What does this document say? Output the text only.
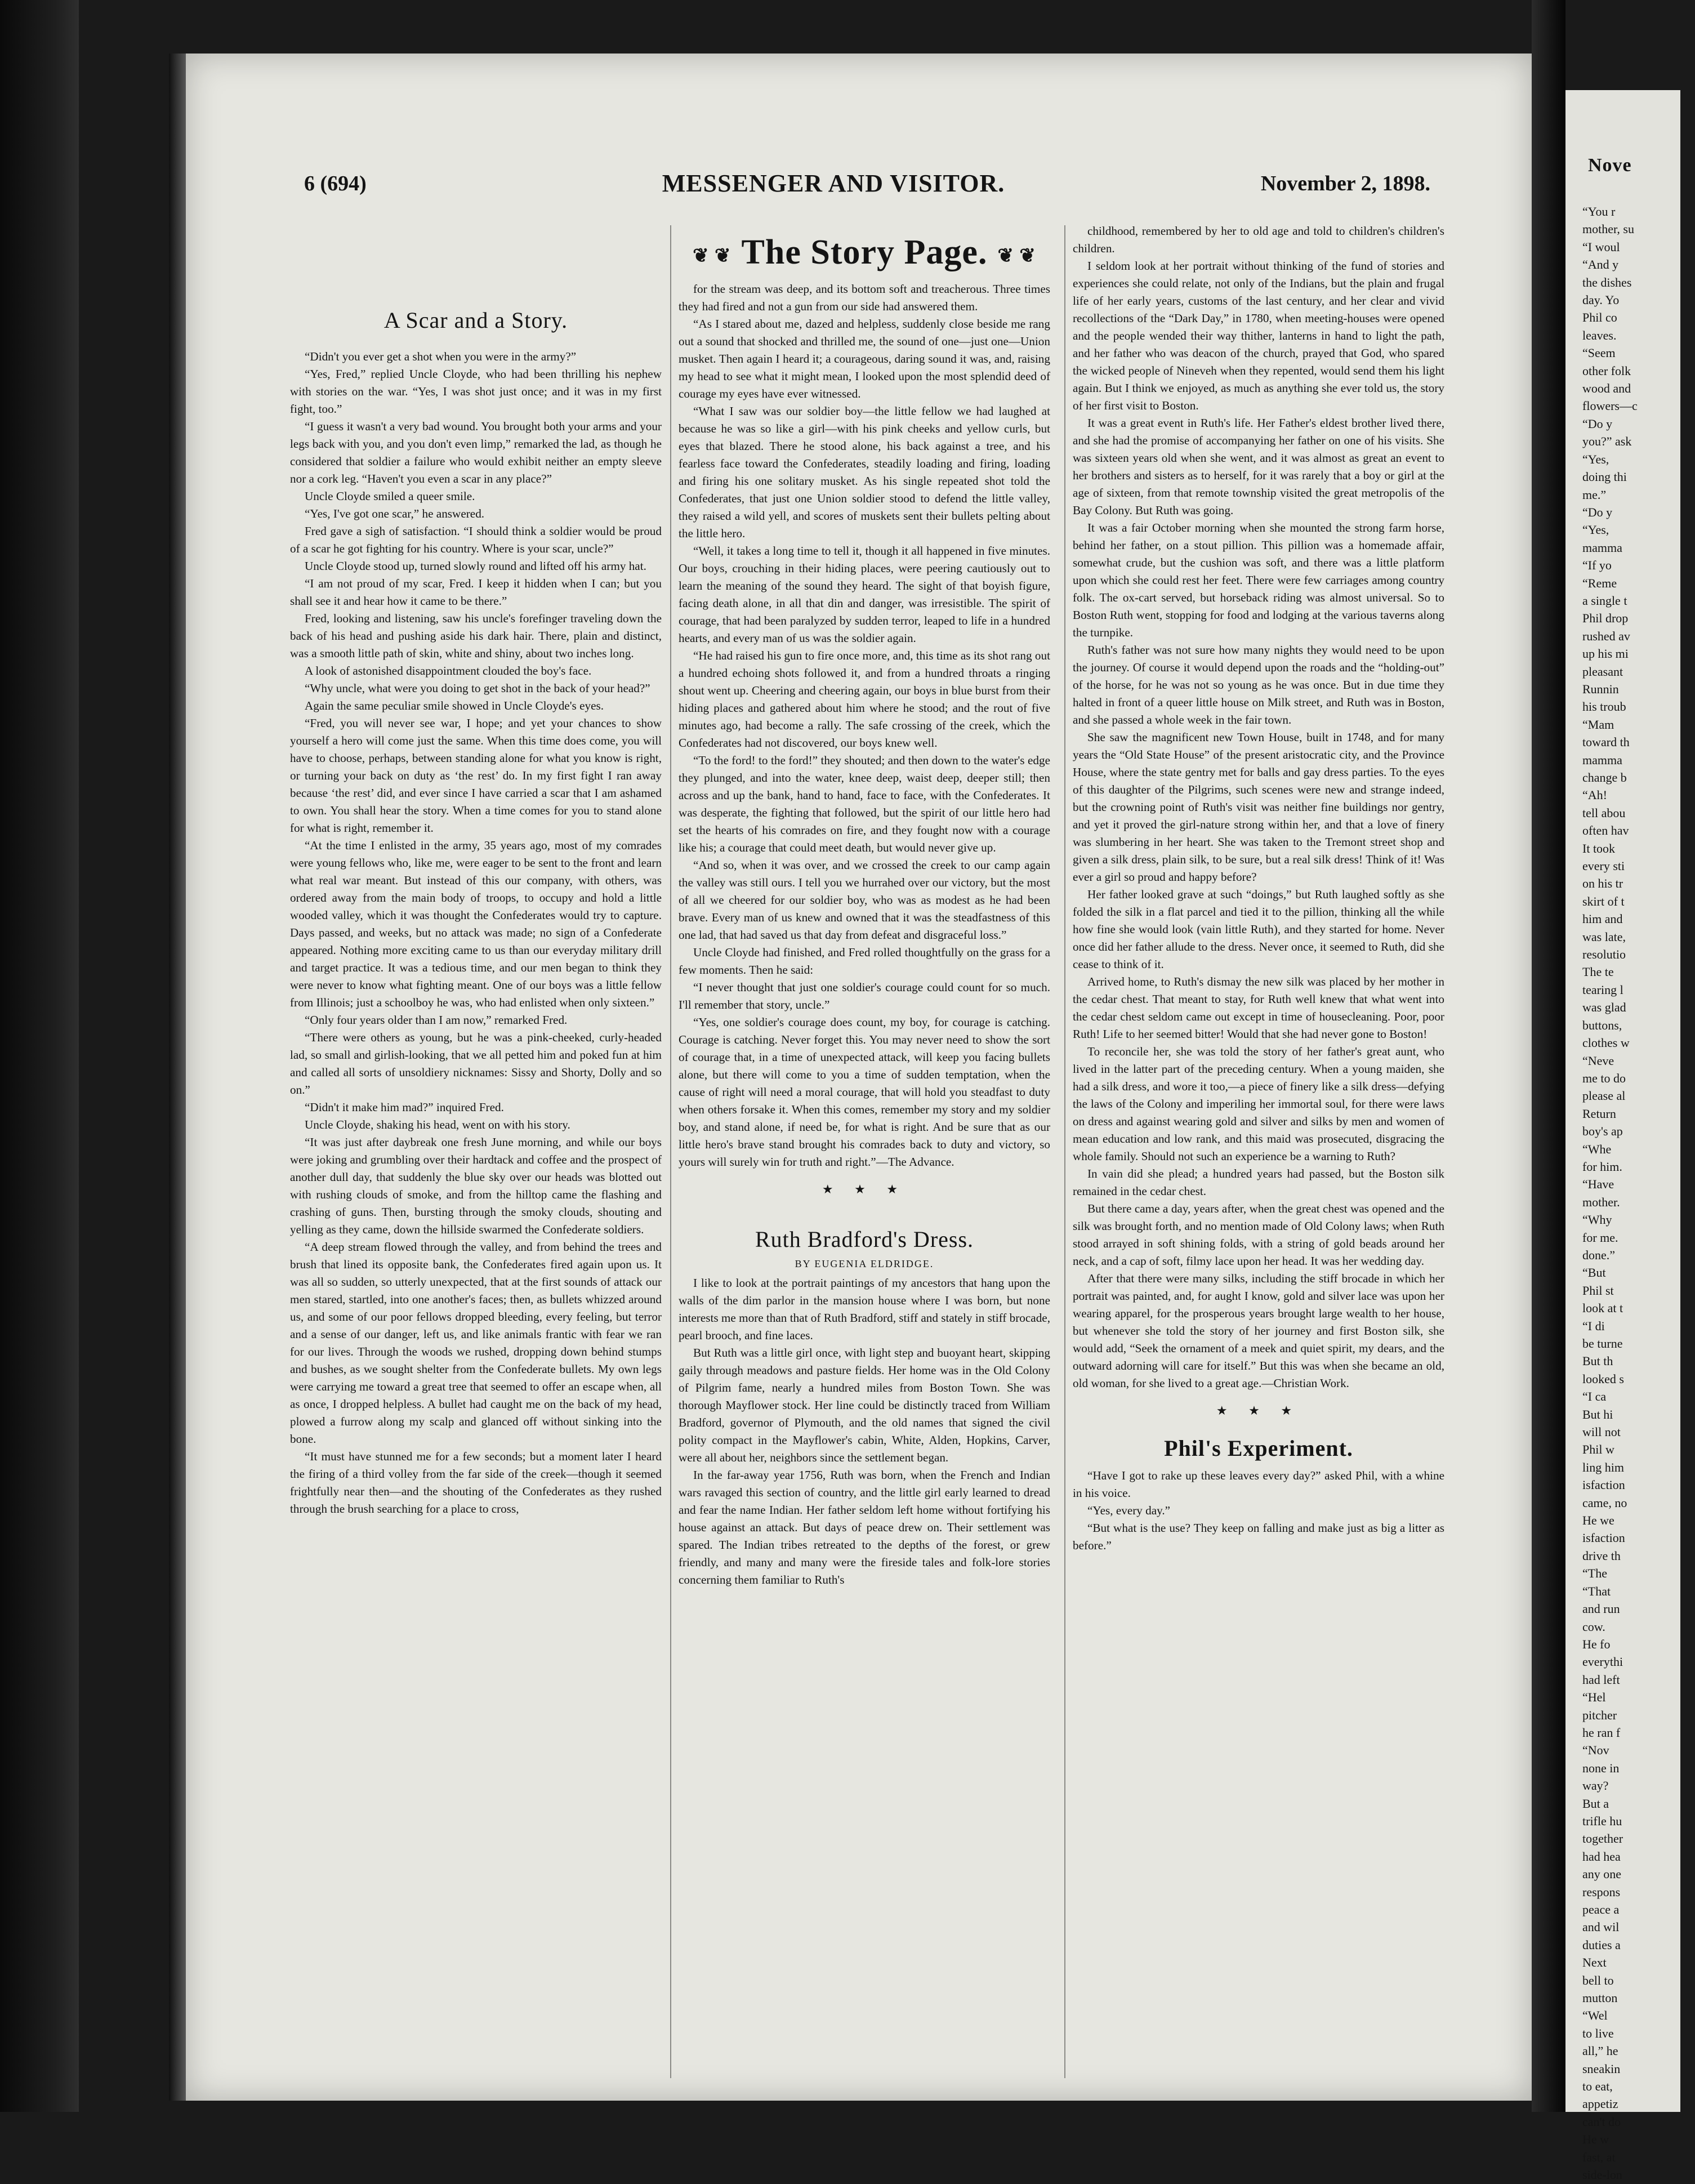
Nove
“You r
mother, su
“I woul
“And y
the dishes
day. Yo
Phil co
leaves.
“Seem
other folk
wood and
flowers—c
“Do y
you?” ask
“Yes,
doing thi
me.”
“Do y
“Yes,
mamma
“If yo
“Reme
a single t
Phil drop
rushed av
up his mi
pleasant
Runnin
his troub
“Mam
toward th
mamma
change b
“Ah!
tell abou
often hav
It took
every sti
on his tr
skirt of t
him and
was late,
resolutio
The te
tearing l
was glad
buttons,
clothes w
“Neve
me to do
please al
Return
boy's ap
“Whe
for him.
“Have
mother.
“Why
for me.
done.”
“But
Phil st
look at t
“I di
be turne
But th
looked s
“I ca
But hi
will not
Phil w
ling him
isfaction
came, no
He we
isfaction
drive th
“The
“That
and run
cow.
He fo
everythi
had left
“Hel
pitcher
he ran f
“Nov
none in
way?
But a
trifle hu
together
had hea
any one
respons
peace a
and wil
duties a
Next
bell to
mutton
“Wel
to live
all,” he
sneakin
to eat,
appetiz
can't do
He w
fast, at
side-lon
6 (694)	MESSENGER AND VISITOR.	November 2, 1898.
A Scar and a Story.

“Didn't you ever get a shot when you were in the army?”

“Yes, Fred,” replied Uncle Cloyde, who had been thrilling his nephew with stories on the war. “Yes, I was shot just once; and it was in my first fight, too.”

“I guess it wasn't a very bad wound. You brought both your arms and your legs back with you, and you don't even limp,” remarked the lad, as though he considered that soldier a failure who would exhibit neither an empty sleeve nor a cork leg. “Haven't you even a scar in any place?”

Uncle Cloyde smiled a queer smile.

“Yes, I've got one scar,” he answered.

Fred gave a sigh of satisfaction. “I should think a soldier would be proud of a scar he got fighting for his country. Where is your scar, uncle?”

Uncle Cloyde stood up, turned slowly round and lifted off his army hat.

“I am not proud of my scar, Fred. I keep it hidden when I can; but you shall see it and hear how it came to be there.”

Fred, looking and listening, saw his uncle's forefinger traveling down the back of his head and pushing aside his dark hair. There, plain and distinct, was a smooth little path of skin, white and shiny, about two inches long.

A look of astonished disappointment clouded the boy's face.

“Why uncle, what were you doing to get shot in the back of your head?”

Again the same peculiar smile showed in Uncle Cloyde's eyes.

“Fred, you will never see war, I hope; and yet your chances to show yourself a hero will come just the same. When this time does come, you will have to choose, perhaps, between standing alone for what you know is right, or turning your back on duty as ‘the rest’ do. In my first fight I ran away because ‘the rest’ did, and ever since I have carried a scar that I am ashamed to own. You shall hear the story. When a time comes for you to stand alone for what is right, remember it.

“At the time I enlisted in the army, 35 years ago, most of my comrades were young fellows who, like me, were eager to be sent to the front and learn what real war meant. But instead of this our company, with others, was ordered away from the main body of troops, to occupy and hold a little wooded valley, which it was thought the Confederates would try to capture. Days passed, and weeks, but no attack was made; no sign of a Confederate appeared. Nothing more exciting came to us than our everyday military drill and target practice. It was a tedious time, and our men began to think they were never to know what fighting meant. One of our boys was a little fellow from Illinois; just a schoolboy he was, who had enlisted when only sixteen.”

“Only four years older than I am now,” remarked Fred.

“There were others as young, but he was a pink-cheeked, curly-headed lad, so small and girlish-looking, that we all petted him and poked fun at him and called all sorts of unsoldiery nicknames: Sissy and Shorty, Dolly and so on.”

“Didn't it make him mad?” inquired Fred.

Uncle Cloyde, shaking his head, went on with his story.

“It was just after daybreak one fresh June morning, and while our boys were joking and grumbling over their hardtack and coffee and the prospect of another dull day, that suddenly the blue sky over our heads was blotted out with rushing clouds of smoke, and from the hilltop came the flashing and crashing of guns. Then, bursting through the smoky clouds, shouting and yelling as they came, down the hillside swarmed the Confederate soldiers.

“A deep stream flowed through the valley, and from behind the trees and brush that lined its opposite bank, the Confederates fired again upon us. It was all so sudden, so utterly unexpected, that at the first sounds of attack our men stared, startled, into one another's faces; then, as bullets whizzed around us, and some of our poor fellows dropped bleeding, every feeling, but terror and a sense of our danger, left us, and like animals frantic with fear we ran for our lives. Through the woods we rushed, dropping down behind stumps and bushes, as we sought shelter from the Confederate bullets. My own legs were carrying me toward a great tree that seemed to offer an escape when, all as once, I dropped helpless. A bullet had caught me on the back of my head, plowed a furrow along my scalp and glanced off without sinking into the bone.

“It must have stunned me for a few seconds; but a moment later I heard the firing of a third volley from the far side of the creek—though it seemed frightfully near then—and the shouting of the Confederates as they rushed through the brush searching for a place to cross,

❦ ❦ The Story Page. ❦ ❦

for the stream was deep, and its bottom soft and treacherous. Three times they had fired and not a gun from our side had answered them.

“As I stared about me, dazed and helpless, suddenly close beside me rang out a sound that shocked and thrilled me, the sound of one—just one—Union musket. Then again I heard it; a courageous, daring sound it was, and, raising my head to see what it might mean, I looked upon the most splendid deed of courage my eyes have ever witnessed.

“What I saw was our soldier boy—the little fellow we had laughed at because he was so like a girl—with his pink cheeks and yellow curls, but eyes that blazed. There he stood alone, his back against a tree, and his fearless face toward the Confederates, steadily loading and firing, loading and firing his one solitary musket. As his single repeated shot told the Confederates, that just one Union soldier stood to defend the little valley, they raised a wild yell, and scores of muskets sent their bullets pelting about the little hero.

“Well, it takes a long time to tell it, though it all happened in five minutes. Our boys, crouching in their hiding places, were peering cautiously out to learn the meaning of the sound they heard. The sight of that boyish figure, facing death alone, in all that din and danger, was irresistible. The spirit of courage, that had been paralyzed by sudden terror, leaped to life in a hundred hearts, and every man of us was the soldier again.

“He had raised his gun to fire once more, and, this time as its shot rang out a hundred echoing shots followed it, and from a hundred throats a ringing shout went up. Cheering and cheering again, our boys in blue burst from their hiding places and gathered about him where he stood; and the rout of five minutes ago, had become a rally. The safe crossing of the creek, which the Confederates had not discovered, our boys knew well.

“To the ford! to the ford!” they shouted; and then down to the water's edge they plunged, and into the water, knee deep, waist deep, deeper still; then across and up the bank, hand to hand, face to face, with the Confederates. It was desperate, the fighting that followed, but the spirit of our little hero had set the hearts of his comrades on fire, and they fought now with a courage like his; a courage that could meet death, but would never give up.

“And so, when it was over, and we crossed the creek to our camp again the valley was still ours. I tell you we hurrahed over our victory, but the most of all we cheered for our soldier boy, who was as modest as he had been brave. Every man of us knew and owned that it was the steadfastness of this one lad, that had saved us that day from defeat and disgraceful loss.”

Uncle Cloyde had finished, and Fred rolled thoughtfully on the grass for a few moments. Then he said:

“I never thought that just one soldier's courage could count for so much. I'll remember that story, uncle.”

“Yes, one soldier's courage does count, my boy, for courage is catching. Courage is catching. Never forget this. You may never need to show the sort of courage that, in a time of unexpected attack, will keep you facing bullets alone, but there will come to you a time of sudden temptation, when the cause of right will need a moral courage, that will hold you steadfast to duty when others forsake it. When this comes, remember my story and my soldier boy, and stand alone, if need be, for what is right. And be sure that as our little hero's brave stand brought his comrades back to duty and victory, so yours will surely win for truth and right.”—The Advance.

★ ★ ★
Ruth Bradford's Dress.
BY EUGENIA ELDRIDGE.

I like to look at the portrait paintings of my ancestors that hang upon the walls of the dim parlor in the mansion house where I was born, but none interests me more than that of Ruth Bradford, stiff and stately in stiff brocade, pearl brooch, and fine laces.

But Ruth was a little girl once, with light step and buoyant heart, skipping gaily through meadows and pasture fields. Her home was in the Old Colony of Pilgrim fame, nearly a hundred miles from Boston Town. She was thorough Mayflower stock. Her line could be distinctly traced from William Bradford, governor of Plymouth, and the old names that signed the civil polity compact in the Mayflower's cabin, White, Alden, Hopkins, Carver, were all about her, neighbors since the settlement began.

In the far-away year 1756, Ruth was born, when the French and Indian wars ravaged this section of country, and the little girl early learned to dread and fear the name Indian. Her father seldom left home without fortifying his house against an attack. But days of peace drew on. Their settlement was spared. The Indian tribes retreated to the depths of the forest, or grew friendly, and many and many were the fireside tales and folk-lore stories concerning them familiar to Ruth's

childhood, remembered by her to old age and told to children's children's children.

I seldom look at her portrait without thinking of the fund of stories and experiences she could relate, not only of the Indians, but the plain and frugal life of her early years, customs of the last century, and her clear and vivid recollections of the “Dark Day,” in 1780, when meeting-houses were opened and the people wended their way thither, lanterns in hand to light the path, and her father who was deacon of the church, prayed that God, who spared the wicked people of Nineveh when they repented, would send them his light again. But I think we enjoyed, as much as anything she ever told us, the story of her first visit to Boston.

It was a great event in Ruth's life. Her Father's eldest brother lived there, and she had the promise of accompanying her father on one of his visits. She was sixteen years old when she went, and it was almost as great an event to her brothers and sisters as to herself, for it was rarely that a boy or girl at the age of sixteen, from that remote township visited the great metropolis of the Bay Colony. But Ruth was going.

It was a fair October morning when she mounted the strong farm horse, behind her father, on a stout pillion. This pillion was a homemade affair, somewhat crude, but the cushion was soft, and there was a little platform upon which she could rest her feet. There were few carriages among country folk. The ox-cart served, but horseback riding was almost universal. So to Boston Ruth went, stopping for food and lodging at the various taverns along the turnpike.

Ruth's father was not sure how many nights they would need to be upon the journey. Of course it would depend upon the roads and the “holding-out” of the horse, for he was not so young as he was once. But in due time they halted in front of a queer little house on Milk street, and Ruth was in Boston, and she passed a whole week in the fair town.

She saw the magnificent new Town House, built in 1748, and for many years the “Old State House” of the present aristocratic city, and the Province House, where the state gentry met for balls and gay dress parties. To the eyes of this daughter of the Pilgrims, such scenes were new and strange indeed, but the crowning point of Ruth's visit was neither fine buildings nor gentry, and yet it proved the girl-nature strong within her, and that a love of finery was slumbering in her heart. She was taken to the Tremont street shop and given a silk dress, plain silk, to be sure, but a real silk dress! Think of it! Was ever a girl so proud and happy before?

Her father looked grave at such “doings,” but Ruth laughed softly as she folded the silk in a flat parcel and tied it to the pillion, thinking all the while how fine she would look (vain little Ruth), and they started for home. Never once did her father allude to the dress. Never once, it seemed to Ruth, did she cease to think of it.

Arrived home, to Ruth's dismay the new silk was placed by her mother in the cedar chest. That meant to stay, for Ruth well knew that what went into the cedar chest seldom came out except in time of housecleaning. Poor, poor Ruth! Life to her seemed bitter! Would that she had never gone to Boston!

To reconcile her, she was told the story of her father's great aunt, who lived in the latter part of the preceding century. When a young maiden, she had a silk dress, and wore it too,—a piece of finery like a silk dress—defying the laws of the Colony and imperiling her immortal soul, for there were laws on dress and against wearing gold and silver and silks by men and women of mean education and low rank, and this maid was prosecuted, disgracing the whole family. Should not such an experience be a warning to Ruth?

In vain did she plead; a hundred years had passed, but the Boston silk remained in the cedar chest.

But there came a day, years after, when the great chest was opened and the silk was brought forth, and no mention made of Old Colony laws; when Ruth stood arrayed in soft shining folds, with a string of gold beads around her neck, and a cap of soft, filmy lace upon her head. It was her wedding day.

After that there were many silks, including the stiff brocade in which her portrait was painted, and, for aught I know, gold and silver lace was upon her wearing apparel, for the prosperous years brought large wealth to her house, but whenever she told the story of her journey and first Boston silk, she would add, “Seek the ornament of a meek and quiet spirit, my dears, and the outward adorning will care for itself.” But this was when she became an old, old woman, for she lived to a great age.—Christian Work.

★ ★ ★
Phil's Experiment.

“Have I got to rake up these leaves every day?” asked Phil, with a whine in his voice.

“Yes, every day.”

“But what is the use? They keep on falling and make just as big a litter as before.”
